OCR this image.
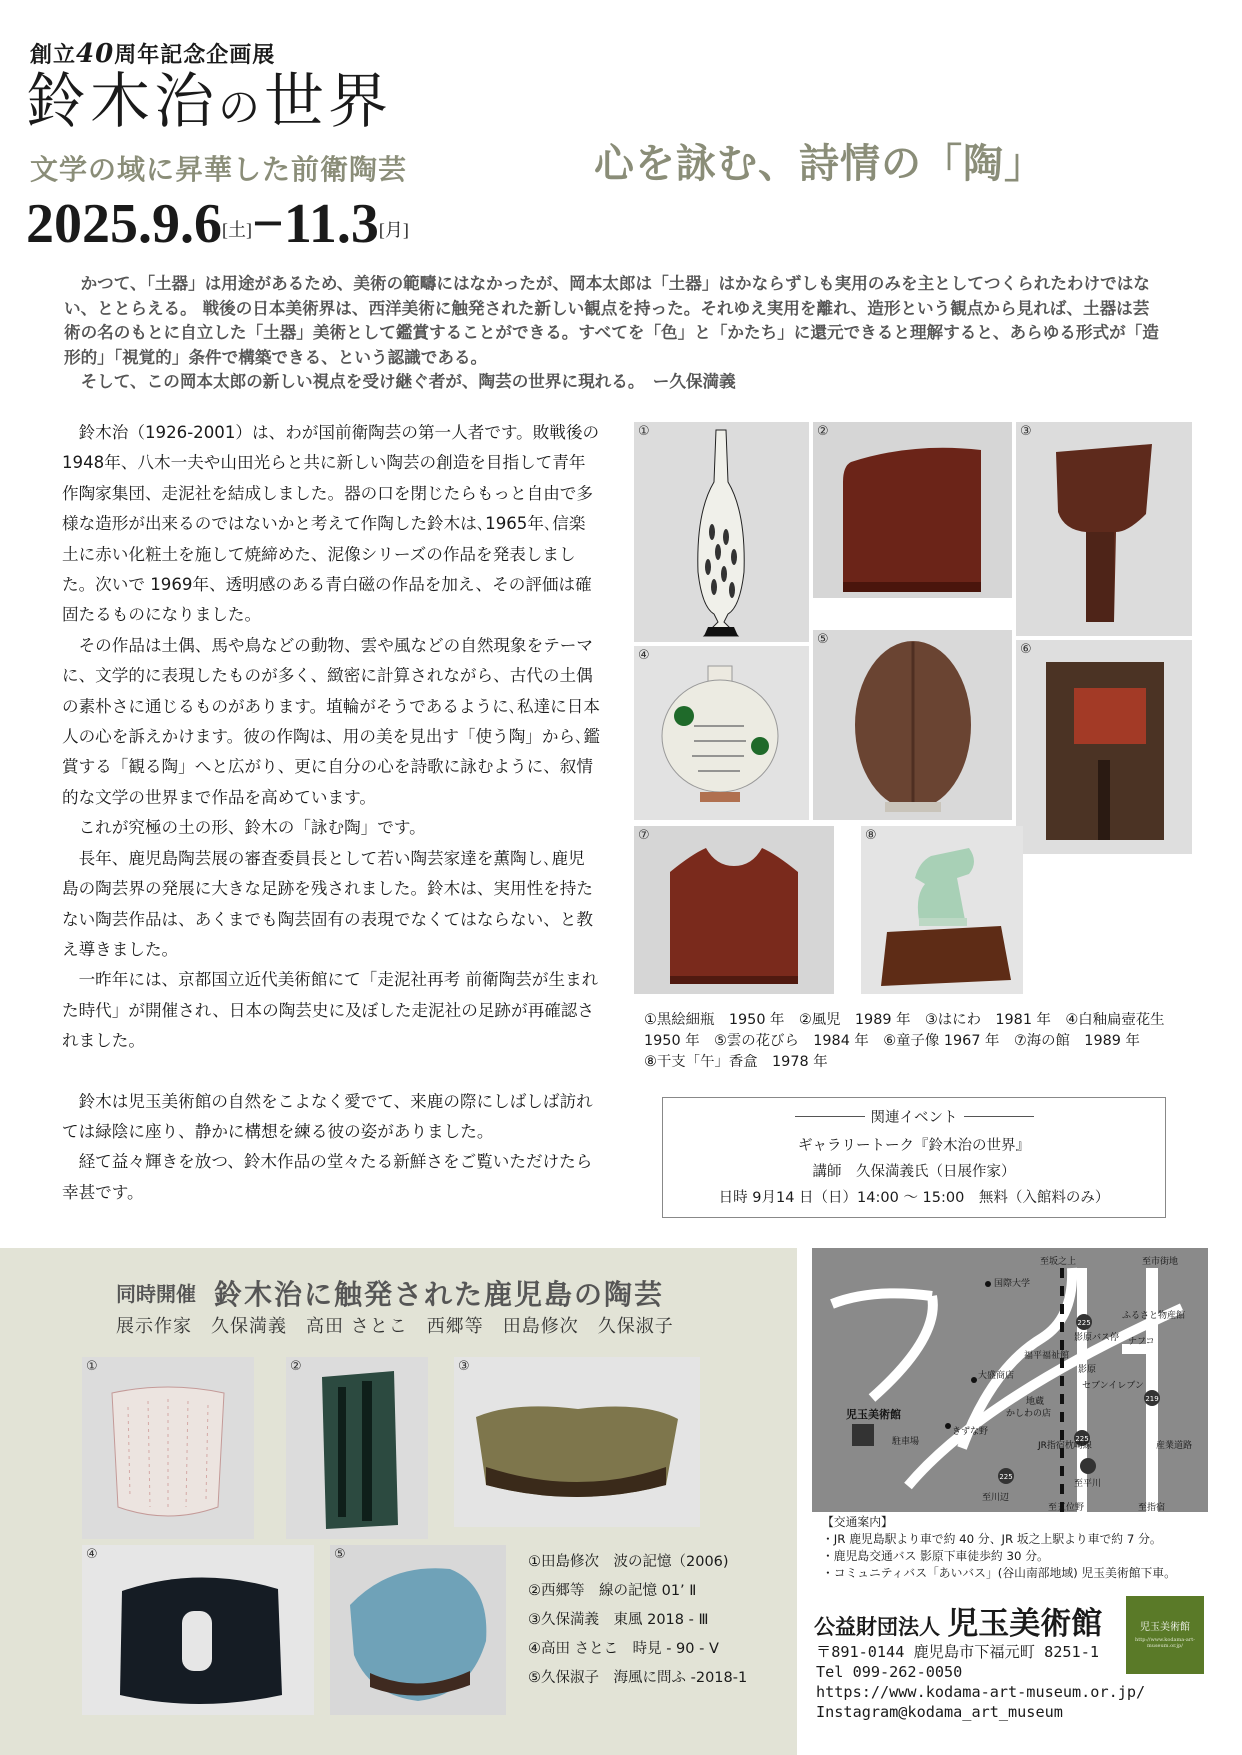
創立40周年記念企画展
鈴木治の世界
文学の域に昇華した前衛陶芸
2025.9.6[土]−11.3[月]
心を詠む、詩情の「陶」

かつて、「土器」は用途があるため、美術の範疇にはなかったが、岡本太郎は「土器」はかならずしも実用のみを主としてつくられたわけではない、ととらえる。 戦後の日本美術界は、西洋美術に触発された新しい観点を持った。それゆえ実用を離れ、造形という観点から見れば、土器は芸術の名のもとに自立した「土器」美術として鑑賞することができる。すべてを「色」と「かたち」に還元できると理解すると、あらゆる形式が「造形的」「視覚的」条件で構築できる、という認識である。

そして、この岡本太郎の新しい視点を受け継ぐ者が、陶芸の世界に現れる。　ー久保満義

鈴木治（1926-2001）は、わが国前衛陶芸の第一人者です。敗戦後の 1948年、八木一夫や山田光らと共に新しい陶芸の創造を目指して青年作陶家集団、走泥社を結成しました。器の口を閉じたらもっと自由で多様な造形が出来るのではないかと考えて作陶した鈴木は､1965年､信楽土に赤い化粧土を施して焼締めた、泥像シリーズの作品を発表しました。次いで 1969年、透明感のある青白磁の作品を加え、その評価は確固たるものになりました。

その作品は土偶、馬や鳥などの動物、雲や風などの自然現象をテーマに、文学的に表現したものが多く、緻密に計算されながら、古代の土偶の素朴さに通じるものがあります。埴輪がそうであるように､私達に日本人の心を訴えかけます。彼の作陶は、用の美を見出す「使う陶」から､鑑賞する「観る陶」へと広がり、更に自分の心を詩歌に詠むように、叙情的な文学の世界まで作品を高めています。

これが究極の土の形、鈴木の「詠む陶」です。

長年、鹿児島陶芸展の審査委員長として若い陶芸家達を薫陶し､鹿児島の陶芸界の発展に大きな足跡を残されました。鈴木は、実用性を持たない陶芸作品は、あくまでも陶芸固有の表現でなくてはならない、と教え導きました。

一昨年には、京都国立近代美術館にて「走泥社再考 前衛陶芸が生まれた時代」が開催され、日本の陶芸史に及ぼした走泥社の足跡が再確認されました。

鈴木は児玉美術館の自然をこよなく愛でて、来鹿の際にしばしば訪れては緑陰に座り、静かに構想を練る彼の姿がありました。

経て益々輝きを放つ、鈴木作品の堂々たる新鮮さをご覧いただけたら幸甚です。

①	②	③
④
⑤
⑥
⑦	⑧
①黒絵細瓶　1950 年　②風児　1989 年　③はにわ　1981 年　④白釉扁壺花生
1950 年　⑤雲の花びら　1984 年　⑥童子像 1967 年　⑦海の館　1989 年
⑧干支「午」香盒　1978 年
関連イベント
ギャラリートーク『鈴木治の世界』
講師　久保満義氏（日展作家）
日時 9月14 日（日）14:00 〜 15:00　無料（入館料のみ）
同時開催 鈴木治に触発された鹿児島の陶芸
展示作家　久保満義　高田 さとこ　西郷等　田島修次　久保淑子
①	②	③
④	⑤	①田島修次　波の記憶（2006)
②西郷等　線の記憶 01’ Ⅱ
③久保満義　東風 2018 - Ⅲ
④高田 さとこ　時見 - 90 - Ⅴ
⑤久保淑子　海風に問ふ -2018-1
至坂之上	至市街地
国際大学
ふるさと物産館
ナフコ
影原バス停
影原
セブンイレブン
福平福祉館
大盛商店
地蔵
かしわの店
JR指宿枕崎線	産業道路
児玉美術館
駐車場
きずな野
至平川
至川辺
至五位野	至指宿
225
225
225
219
【交通案内】
・JR 鹿児島駅より車で約 40 分、JR 坂之上駅より車で約 7 分。
・鹿児島交通バス 影原下車徒歩約 30 分。
・コミュニティバス「あいバス」(谷山南部地域) 児玉美術館下車。
公益財団法人 児玉美術館	児玉美術館
http://www.kodama-art-museum.or.jp/
〒891-0144 鹿児島市下福元町 8251-1
Tel 099-262-0050
https://www.kodama-art-museum.or.jp/
Instagram@kodama_art_museum
